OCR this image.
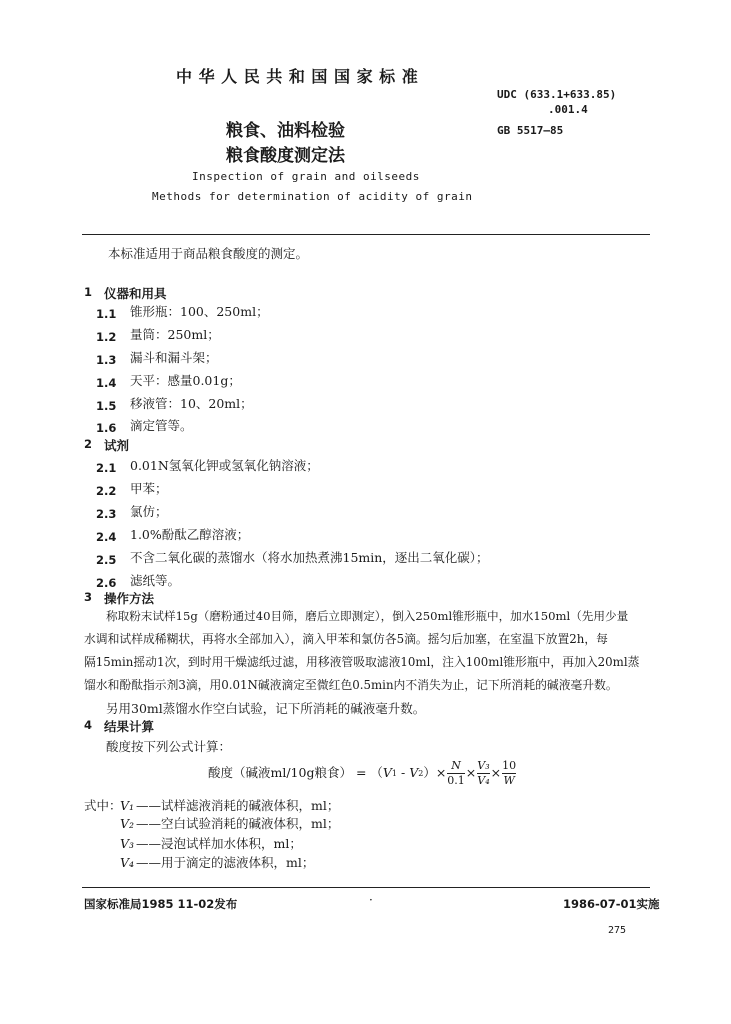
中 华 人 民 共 和 国 国 家 标 准
UDC (633.1+633.85)
.001.4
GB 5517—85
粮食、油料检验
粮食酸度测定法
Inspection of grain and oilseeds
Methods for determination of acidity of grain
本标准适用于商品粮食酸度的测定。
1 仪器和用具
1.1 锥形瓶：100、250ml；
1.2 量筒：250ml；
1.3 漏斗和漏斗架；
1.4 天平：感量0.01g；
1.5 移液管：10、20ml；
1.6 滴定管等。
2 试剂
2.1 0.01N氢氧化钾或氢氧化钠溶液；
2.2 甲苯；
2.3 氯仿；
2.4 1.0%酚酞乙醇溶液；
2.5 不含二氧化碳的蒸馏水（将水加热煮沸15min，逐出二氧化碳）；
2.6 滤纸等。
3 操作方法
称取粉末试样15g（磨粉通过40目筛，磨后立即测定），倒入250ml锥形瓶中，加水150ml（先用少量
水调和试样成稀糊状，再将水全部加入），滴入甲苯和氯仿各5滴。摇匀后加塞，在室温下放置2h，每
隔15min摇动1次，到时用干燥滤纸过滤，用移液管吸取滤液10ml，注入100ml锥形瓶中，再加入20ml蒸
馏水和酚酞指示剂3滴，用0.01N碱液滴定至微红色0.5min内不消失为止，记下所消耗的碱液毫升数。
另用30ml蒸馏水作空白试验，记下所消耗的碱液毫升数。
4 结果计算
酸度按下列公式计算：
酸度（碱液ml/10g粮食） = （ V 1 - V 2 ）× $\frac{N}{0.1} \times \frac{\text{V₃}}{\text{V₄}} \times \frac{10}{W}$
式中：
V₁ ——试样滤液消耗的碱液体积，ml；
V₂ ——空白试验消耗的碱液体积，ml；
V₃ ——浸泡试样加水体积，ml；
V₄ ——用于滴定的滤液体积，ml；
国家标准局1985 11-02发布	·	1986-07-01实施
275
